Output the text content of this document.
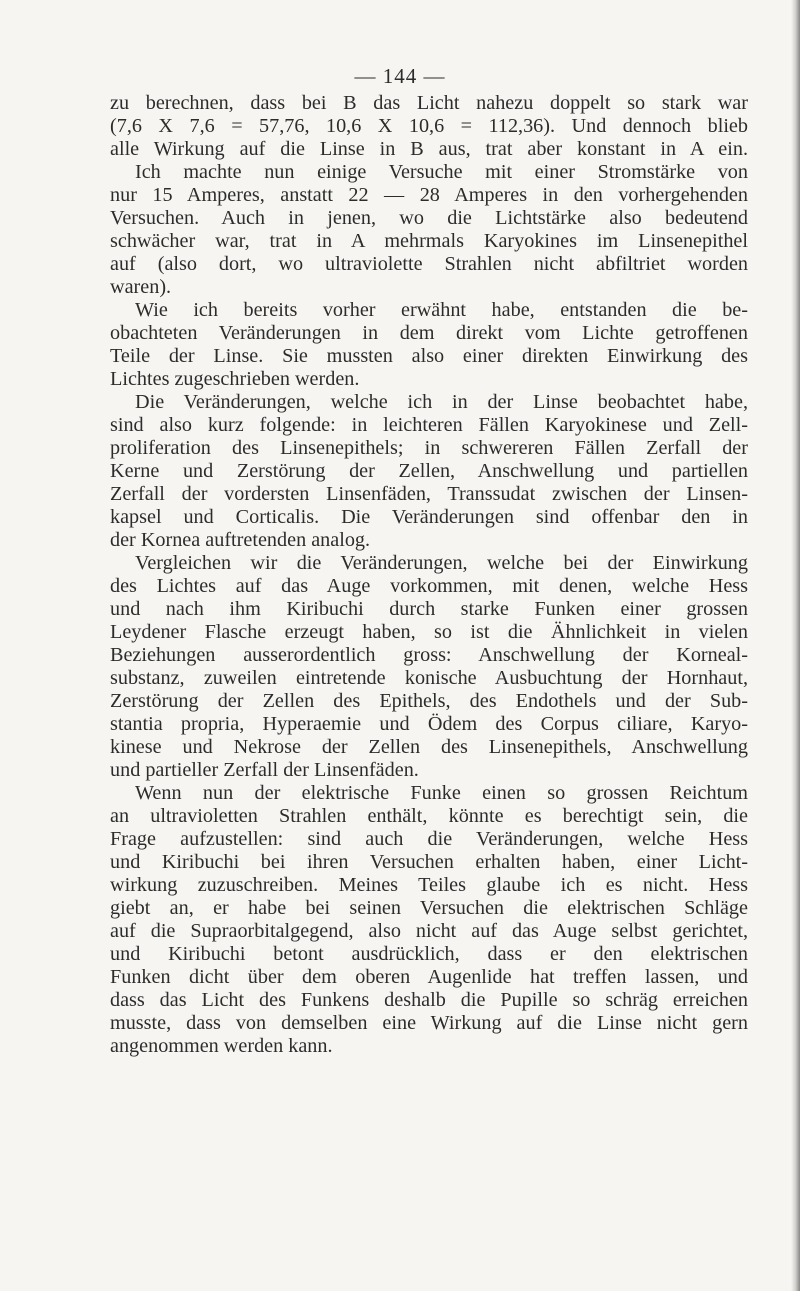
— 144 —
zu berechnen, dass bei B das Licht nahezu doppelt so stark war
(7,6 X 7,6 = 57,76, 10,6 X 10,6 = 112,36). Und dennoch blieb
alle Wirkung auf die Linse in B aus, trat aber konstant in A ein.
Ich machte nun einige Versuche mit einer Stromstärke von
nur 15 Amperes, anstatt 22 — 28 Amperes in den vorhergehenden
Versuchen. Auch in jenen, wo die Lichtstärke also bedeutend
schwächer war, trat in A mehrmals Karyokines im Linsenepithel
auf (also dort, wo ultraviolette Strahlen nicht abfiltriet worden
waren).
Wie ich bereits vorher erwähnt habe, entstanden die be-
obachteten Veränderungen in dem direkt vom Lichte getroffenen
Teile der Linse. Sie mussten also einer direkten Einwirkung des
Lichtes zugeschrieben werden.
Die Veränderungen, welche ich in der Linse beobachtet habe,
sind also kurz folgende: in leichteren Fällen Karyokinese und Zell-
proliferation des Linsenepithels; in schwereren Fällen Zerfall der
Kerne und Zerstörung der Zellen, Anschwellung und partiellen
Zerfall der vordersten Linsenfäden, Transsudat zwischen der Linsen-
kapsel und Corticalis. Die Veränderungen sind offenbar den in
der Kornea auftretenden analog.
Vergleichen wir die Veränderungen, welche bei der Einwirkung
des Lichtes auf das Auge vorkommen, mit denen, welche Hess
und nach ihm Kiribuchi durch starke Funken einer grossen
Leydener Flasche erzeugt haben, so ist die Ähnlichkeit in vielen
Beziehungen ausserordentlich gross: Anschwellung der Korneal-
substanz, zuweilen eintretende konische Ausbuchtung der Hornhaut,
Zerstörung der Zellen des Epithels, des Endothels und der Sub-
stantia propria, Hyperaemie und Ödem des Corpus ciliare, Karyo-
kinese und Nekrose der Zellen des Linsenepithels, Anschwellung
und partieller Zerfall der Linsenfäden.
Wenn nun der elektrische Funke einen so grossen Reichtum
an ultravioletten Strahlen enthält, könnte es berechtigt sein, die
Frage aufzustellen: sind auch die Veränderungen, welche Hess
und Kiribuchi bei ihren Versuchen erhalten haben, einer Licht-
wirkung zuzuschreiben. Meines Teiles glaube ich es nicht. Hess
giebt an, er habe bei seinen Versuchen die elektrischen Schläge
auf die Supraorbitalgegend, also nicht auf das Auge selbst gerichtet,
und Kiribuchi betont ausdrücklich, dass er den elektrischen
Funken dicht über dem oberen Augenlide hat treffen lassen, und
dass das Licht des Funkens deshalb die Pupille so schräg erreichen
musste, dass von demselben eine Wirkung auf die Linse nicht gern
angenommen werden kann.
